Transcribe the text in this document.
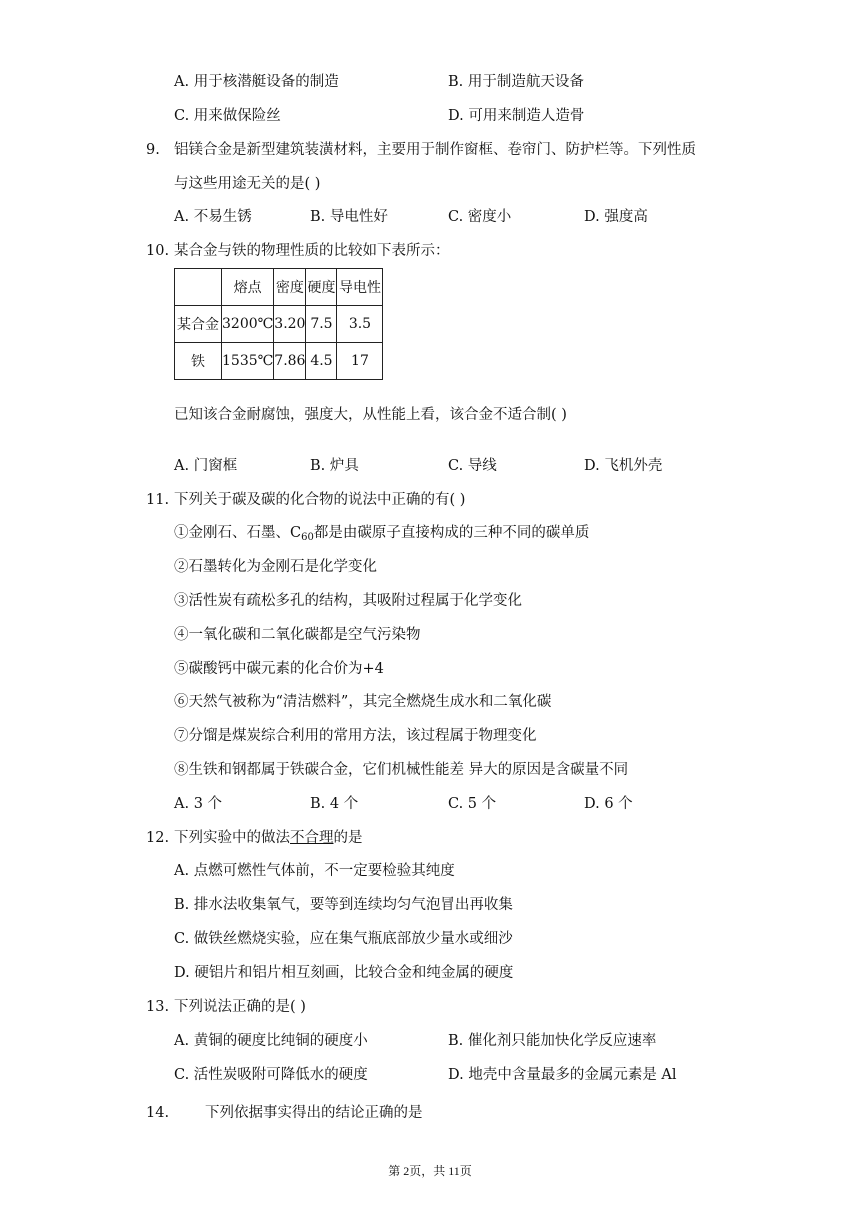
A. 用于核潜艇设备的制造	B. 用于制造航天设备
C. 用来做保险丝	D. 可用来制造人造骨
9. 铝镁合金是新型建筑装潢材料，主要用于制作窗框、卷帘门、防护栏等。下列性质
与这些用途无关的是( )
A. 不易生锈	B. 导电性好	C. 密度小	D. 强度高
10. 某合金与铁的物理性质的比较如下表所示：
	熔点	密度	硬度	导电性
某合金	3200℃	3.20	7.5	3.5
铁	1535℃	7.86	4.5	17
已知该合金耐腐蚀，强度大，从性能上看，该合金不适合制( )
A. 门窗框	B. 炉具	C. 导线	D. 飞机外壳
11. 下列关于碳及碳的化合物的说法中正确的有( )
①金刚石、石墨、$C_{60}$都是由碳原子直接构成的三种不同的碳单质
②石墨转化为金刚石是化学变化
③活性炭有疏松多孔的结构，其吸附过程属于化学变化
④一氧化碳和二氧化碳都是空气污染物
⑤碳酸钙中碳元素的化合价为+4
⑥天然气被称为“清洁燃料”，其完全燃烧生成水和二氧化碳
⑦分馏是煤炭综合利用的常用方法，该过程属于物理变化
⑧生铁和钢都属于铁碳合金，它们机械性能差 异大的原因是含碳量不同
A. 3 个	B. 4 个	C. 5 个	D. 6 个
12. 下列实验中的做法不合理的是
A. 点燃可燃性气体前，不一定要检验其纯度
B. 排水法收集氧气，要等到连续均匀气泡冒出再收集
C. 做铁丝燃烧实验，应在集气瓶底部放少量水或细沙
D. 硬铝片和铝片相互刻画，比较合金和纯金属的硬度
13. 下列说法正确的是( )
A. 黄铜的硬度比纯铜的硬度小	B. 催化剂只能加快化学反应速率
C. 活性炭吸附可降低水的硬度	D. 地壳中含量最多的金属元素是 Al
14. 下列依据事实得出的结论正确的是
第 2页，共 11页
